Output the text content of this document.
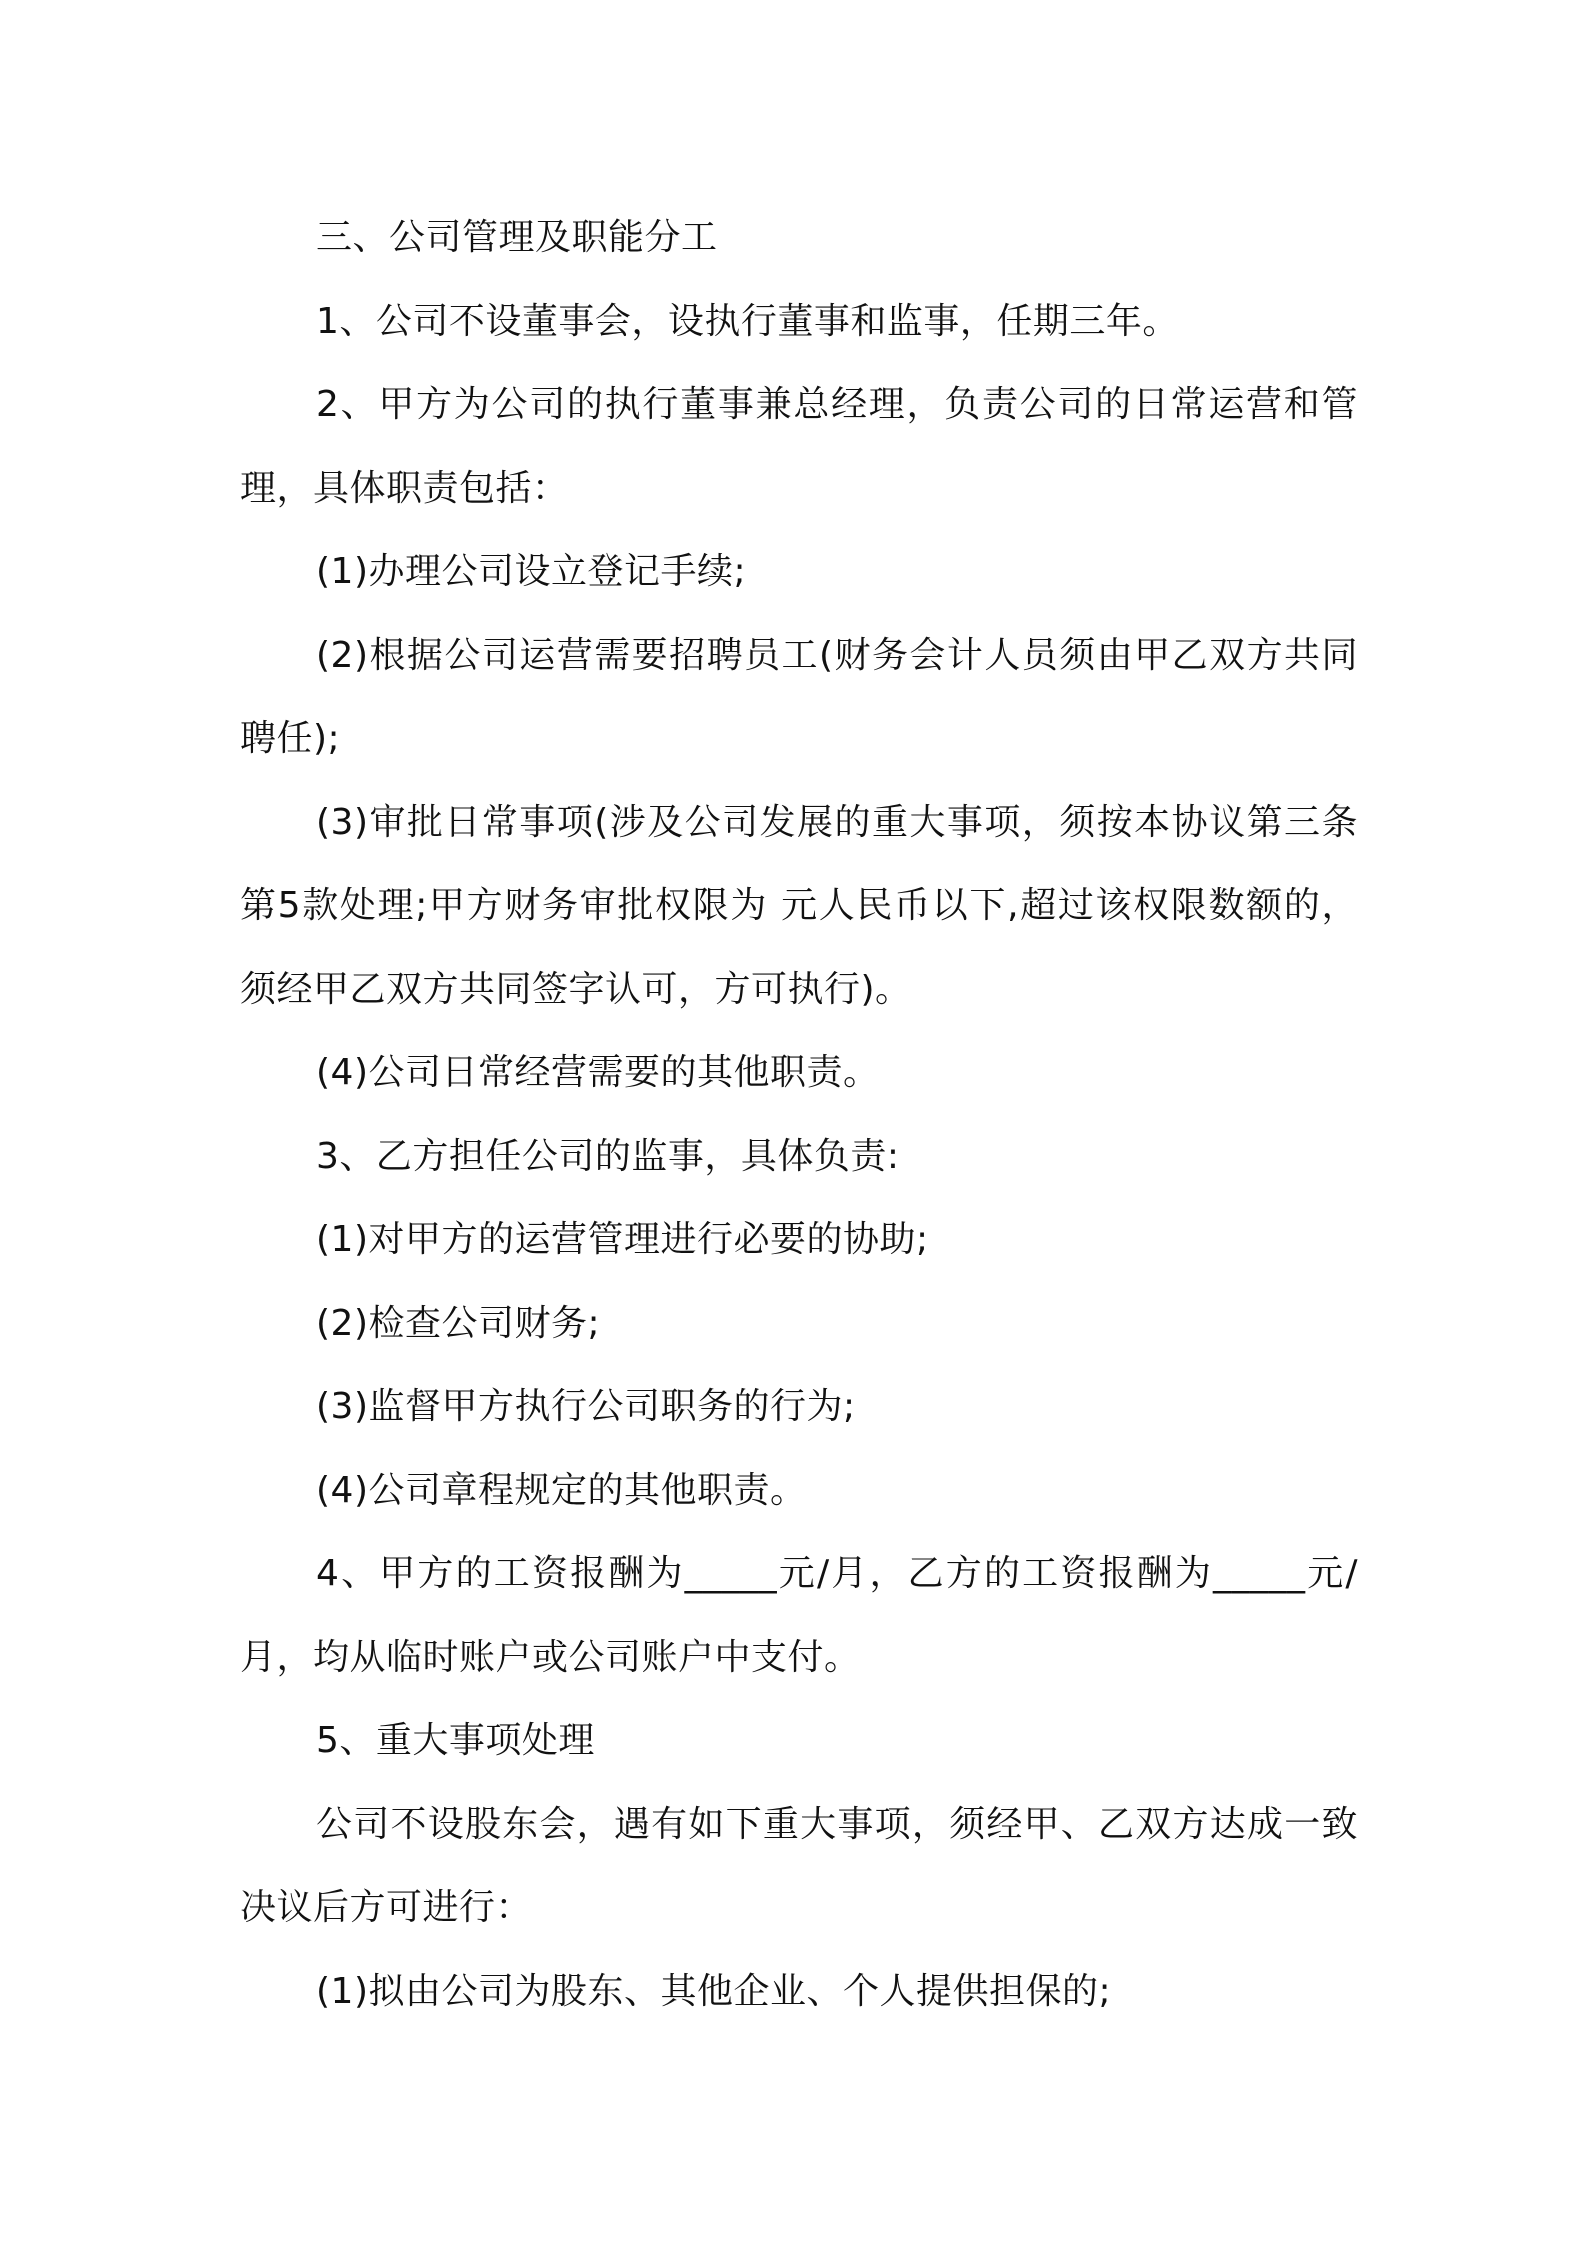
三、公司管理及职能分工

1、公司不设董事会，设执行董事和监事，任期三年。

2、甲方为公司的执行董事兼总经理，负责公司的日常运营和管理，具体职责包括：

(1)办理公司设立登记手续;

(2)根据公司运营需要招聘员工(财务会计人员须由甲乙双方共同聘任);

(3)审批日常事项(涉及公司发展的重大事项，须按本协议第三条第5款处理;甲方财务审批权限为 元人民币以下,超过该权限数额的，须经甲乙双方共同签字认可，方可执行)。

(4)公司日常经营需要的其他职责。

3、乙方担任公司的监事，具体负责:

(1)对甲方的运营管理进行必要的协助;

(2)检查公司财务;

(3)监督甲方执行公司职务的行为;

(4)公司章程规定的其他职责。

4、甲方的工资报酬为_____元/月，乙方的工资报酬为_____元/月，均从临时账户或公司账户中支付。

5、重大事项处理

公司不设股东会，遇有如下重大事项，须经甲、乙双方达成一致决议后方可进行：

(1)拟由公司为股东、其他企业、个人提供担保的;
